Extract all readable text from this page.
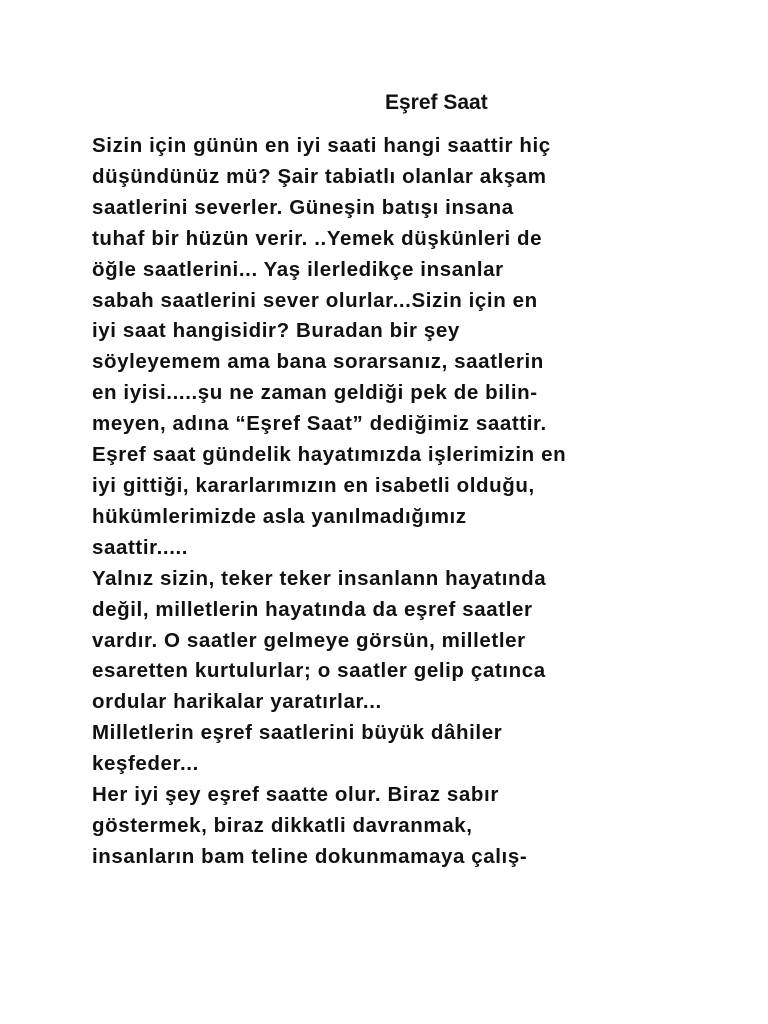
Eşref Saat
Sizin için günün en iyi saati hangi saattir hiç
düşündünüz mü? Şair tabiatlı olanlar akşam
saatlerini severler. Güneşin batışı insana
tuhaf bir hüzün verir. ..Yemek düşkünleri de
öğle saatlerini... Yaş ilerledikçe insanlar
sabah saatlerini sever olurlar...Sizin için en
iyi saat hangisidir? Buradan bir şey
söyleyemem ama bana sorarsanız, saatlerin
en iyisi.....şu ne zaman geldiği pek de bilin-
meyen, adına “Eşref Saat” dediğimiz saattir.
Eşref saat gündelik hayatımızda işlerimizin en
iyi gittiği, kararlarımızın en isabetli olduğu,
hükümlerimizde asla yanılmadığımız
saattir.....
Yalnız sizin, teker teker insanlann hayatında
değil, milletlerin hayatında da eşref saatler
vardır. O saatler gelmeye görsün, milletler
esaretten kurtulurlar; o saatler gelip çatınca
ordular harikalar yaratırlar...
Milletlerin eşref saatlerini büyük dâhiler
keşfeder...
Her iyi şey eşref saatte olur. Biraz sabır
göstermek, biraz dikkatli davranmak,
insanların bam teline dokunmamaya çalış-
